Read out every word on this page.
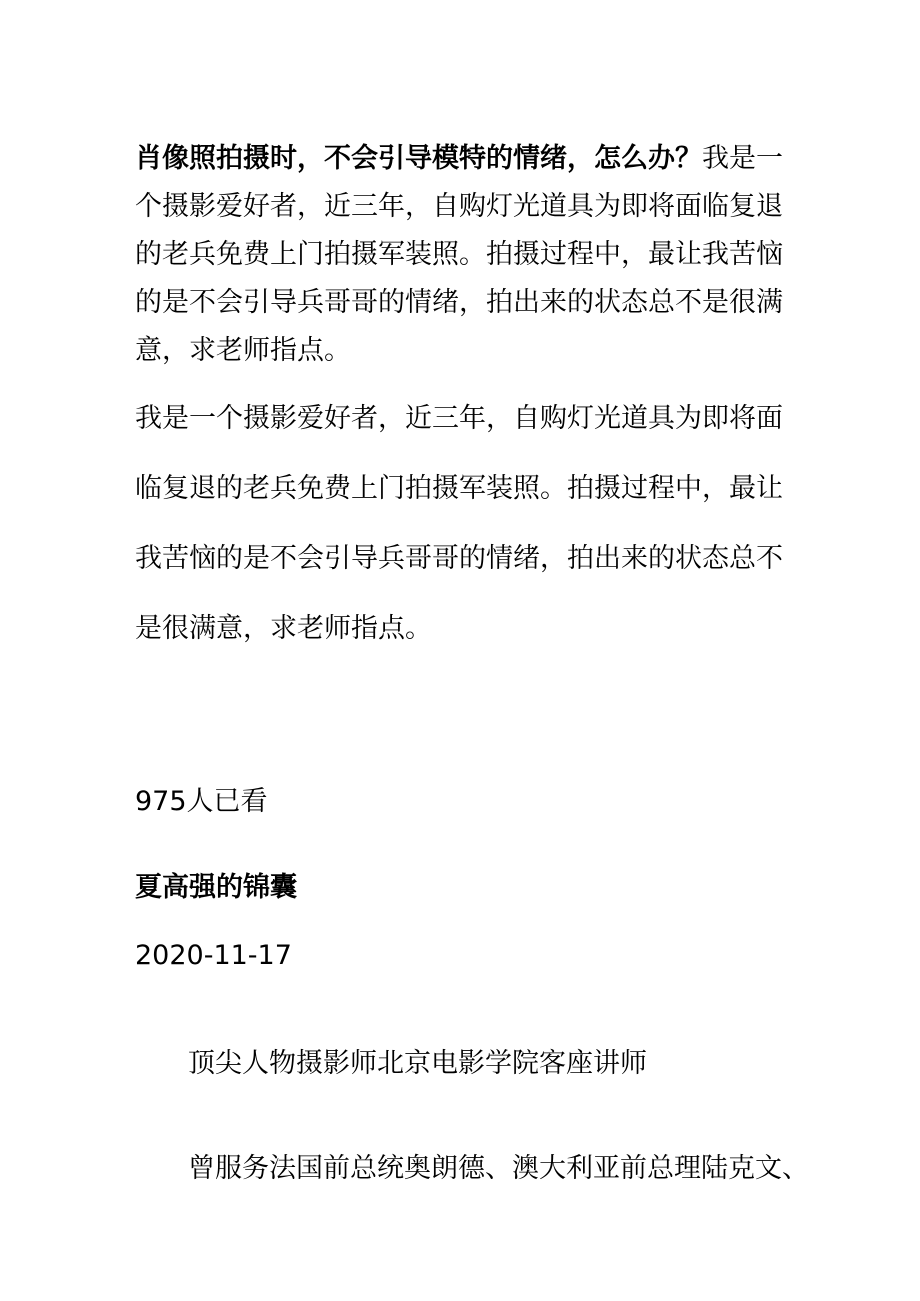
肖像照拍摄时，不会引导模特的情绪，怎么办？我是一个摄影爱好者，近三年，自购灯光道具为即将面临复退的老兵免费上门拍摄军装照。拍摄过程中，最让我苦恼的是不会引导兵哥哥的情绪，拍出来的状态总不是很满意，求老师指点。

我是一个摄影爱好者，近三年，自购灯光道具为即将面临复退的老兵免费上门拍摄军装照。拍摄过程中，最让我苦恼的是不会引导兵哥哥的情绪，拍出来的状态总不是很满意，求老师指点。

975人已看

夏高强的锦囊

2020-11-17

顶尖人物摄影师北京电影学院客座讲师

曾服务法国前总统奥朗德、澳大利亚前总理陆克文、
